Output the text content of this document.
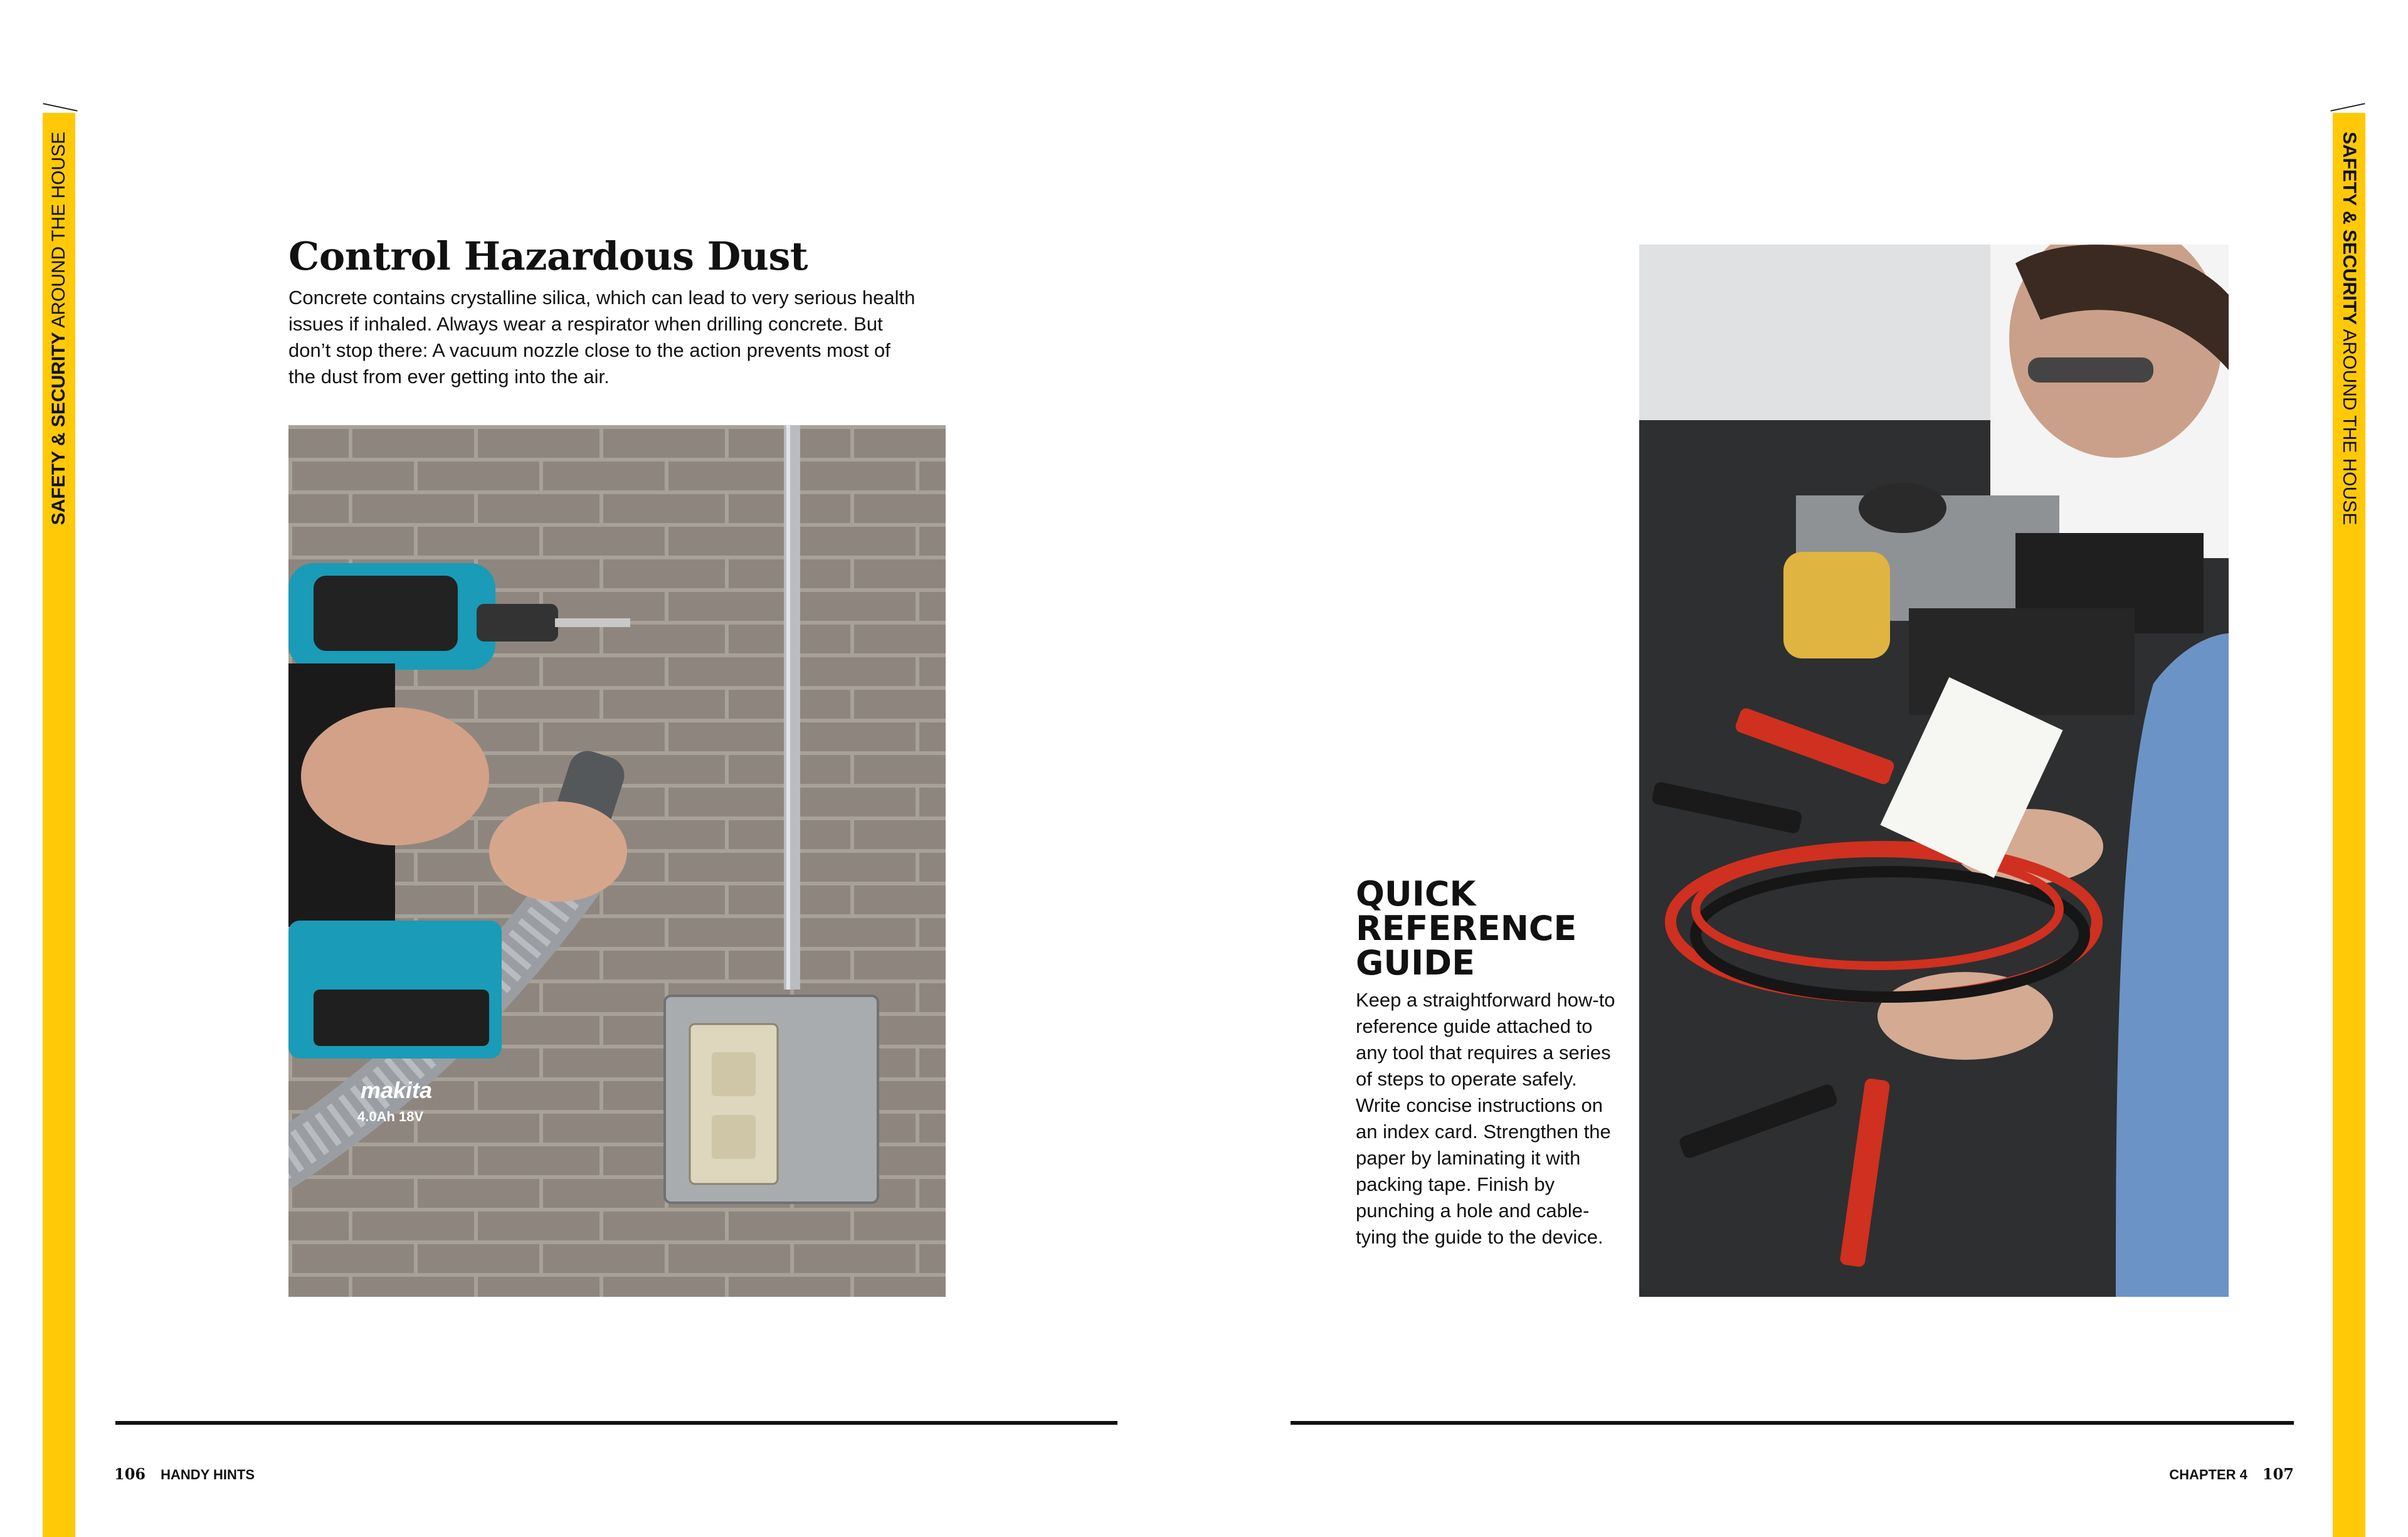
SAFETY & SECURITY AROUND THE HOUSE	SAFETY & SECURITY AROUND THE HOUSE
Control Hazardous Dust

Concrete contains crystalline silica, which can lead to very serious health issues if inhaled. Always wear a respirator when drilling concrete. But don’t stop there: A vacuum nozzle close to the action prevents most of the dust from ever getting into the air.

makita
4.0Ah 18V
QUICK REFERENCE GUIDE

Keep a straightforward how-to reference guide attached to any tool that requires a series of steps to operate safely. Write concise instructions on an index card. Strengthen the paper by laminating it with packing tape. Finish by punching a hole and cable-tying the guide to the device.

106 HANDY HINTS	CHAPTER 4 107
